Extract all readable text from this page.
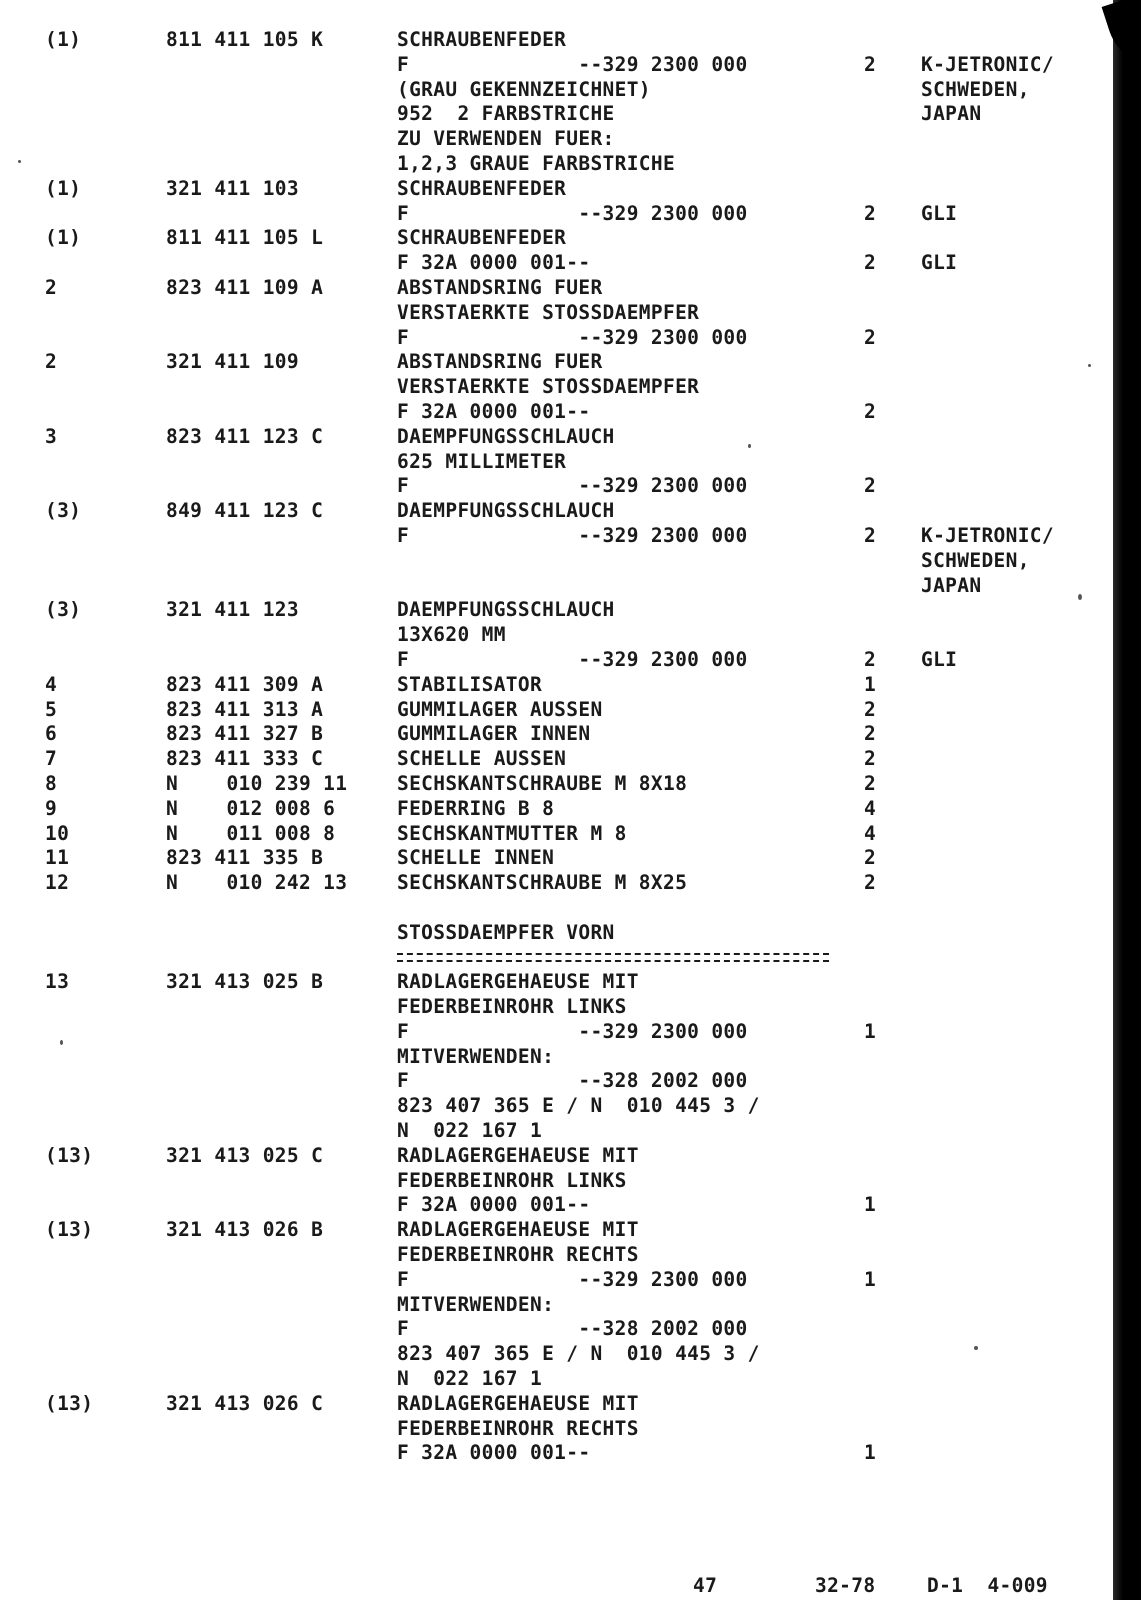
(1)	811 411 105 K	SCHRAUBENFEDER
F              --329 2300 000	2 K-JETRONIC/
(GRAU GEKENNZEICHNET)	SCHWEDEN,
952  2 FARBSTRICHE	JAPAN
ZU VERWENDEN FUER:
1,2,3 GRAUE FARBSTRICHE
(1)	321 411 103	SCHRAUBENFEDER
F              --329 2300 000	2 GLI
(1)	811 411 105 L	SCHRAUBENFEDER
F 32A 0000 001--	2 GLI
2	823 411 109 A	ABSTANDSRING FUER
VERSTAERKTE STOSSDAEMPFER
F              --329 2300 000	2
2	321 411 109	ABSTANDSRING FUER
VERSTAERKTE STOSSDAEMPFER
F 32A 0000 001--	2
3	823 411 123 C	DAEMPFUNGSSCHLAUCH
625 MILLIMETER
F              --329 2300 000	2
(3)	849 411 123 C	DAEMPFUNGSSCHLAUCH
F              --329 2300 000	2 K-JETRONIC/
SCHWEDEN,
JAPAN
(3)	321 411 123	DAEMPFUNGSSCHLAUCH
13X620 MM
F              --329 2300 000	2 GLI
4	823 411 309 A	STABILISATOR	1
5	823 411 313 A	GUMMILAGER AUSSEN	2
6	823 411 327 B	GUMMILAGER INNEN	2
7	823 411 333 C	SCHELLE AUSSEN	2
8	N    010 239 11	SECHSKANTSCHRAUBE M 8X18	2
9	N    012 008 6	FEDERRING B 8	4
10	N    011 008 8	SECHSKANTMUTTER M 8	4
11	823 411 335 B	SCHELLE INNEN	2
12	N    010 242 13	SECHSKANTSCHRAUBE M 8X25	2
STOSSDAEMPFER VORN
13	321 413 025 B	RADLAGERGEHAEUSE MIT
FEDERBEINROHR LINKS
F              --329 2300 000	1
MITVERWENDEN:
F              --328 2002 000
823 407 365 E / N  010 445 3 /
N  022 167 1
(13)	321 413 025 C	RADLAGERGEHAEUSE MIT
FEDERBEINROHR LINKS
F 32A 0000 001--	1
(13)	321 413 026 B	RADLAGERGEHAEUSE MIT
FEDERBEINROHR RECHTS
F              --329 2300 000	1
MITVERWENDEN:
F              --328 2002 000
823 407 365 E / N  010 445 3 /
N  022 167 1
(13)	321 413 026 C	RADLAGERGEHAEUSE MIT
FEDERBEINROHR RECHTS
F 32A 0000 001--	1
47	32-78	D-1  4-009
